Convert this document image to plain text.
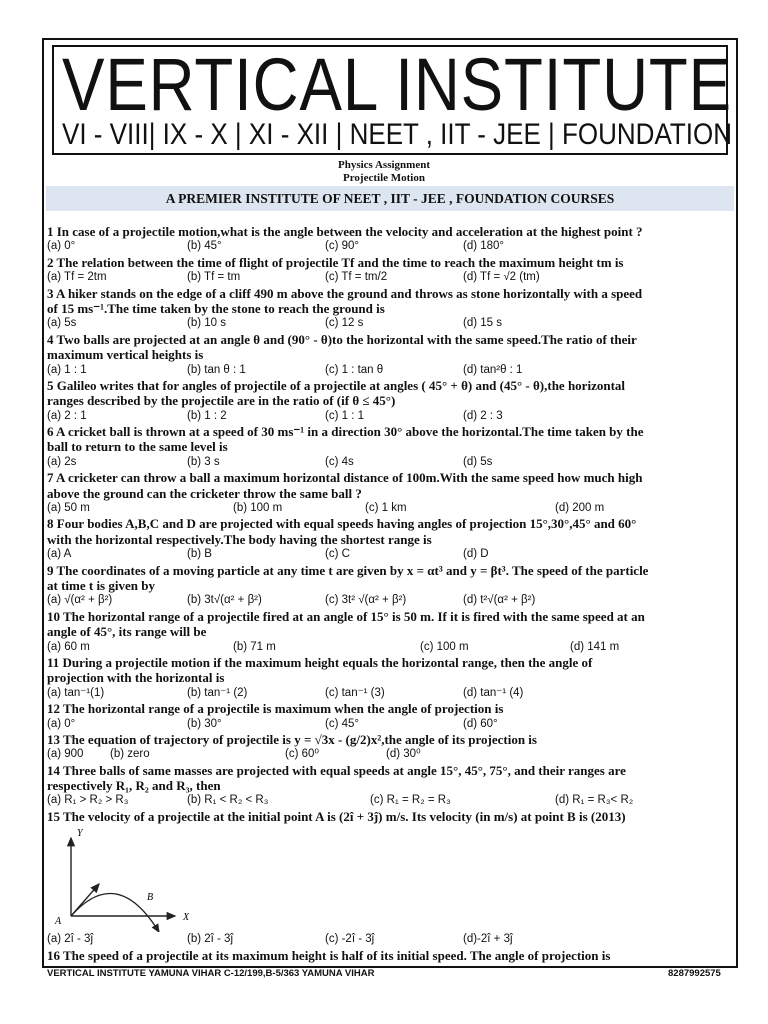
VERTICAL INSTITUTE
VI - VIII| IX - X | XI - XII | NEET , IIT - JEE | FOUNDATION
Physics Assignment
Projectile Motion
A PREMIER INSTITUTE OF NEET , IIT - JEE , FOUNDATION COURSES
1 In case of a projectile motion,what is the angle between the velocity and acceleration at the highest point ?
(a) 0°	(b) 45°	(c) 90°	(d) 180°
2 The relation between the time of flight of projectile Tf and the time to reach the maximum height tm is
(a) Tf = 2tm	(b) Tf = tm	(c) Tf = tm/2	(d) Tf = √2 (tm)
3 A hiker stands on the edge of a cliff 490 m above the ground and throws as stone horizontally with a speed
of 15 ms⁻¹.The time taken by the stone to reach the ground is
(a) 5s	(b) 10 s	(c) 12 s	(d) 15 s
4 Two balls are projected at an angle θ and (90° - θ)to the horizontal with the same speed.The ratio of their
maximum vertical heights is
(a) 1 : 1	(b) tan θ : 1	(c) 1 : tan θ	(d) tan²θ : 1
5 Galileo writes that for angles of projectile of a projectile at angles ( 45° + θ) and (45° - θ),the horizontal
ranges described by the projectile are in the ratio of (if θ ≤ 45°)
(a) 2 : 1	(b) 1 : 2	(c) 1 : 1	(d) 2 : 3
6 A cricket ball is thrown at a speed of 30 ms⁻¹ in a direction 30° above the horizontal.The time taken by the
ball to return to the same level is
(a) 2s	(b) 3 s	(c) 4s	(d) 5s
7 A cricketer can throw a ball a maximum horizontal distance of 100m.With the same speed how much high
above the ground can the cricketer throw the same ball ?
(a) 50 m	(b) 100 m	(c) 1 km	(d) 200 m
8 Four bodies A,B,C and D are projected with equal speeds having angles of projection 15°,30°,45° and 60°
with the horizontal respectively.The body having the shortest range is
(a) A	(b) B	(c) C	(d) D
9 The coordinates of a moving particle at any time t are given by x = αt³ and y = βt³. The speed of the particle
at time t is given by
(a) √(α² + β²)	(b) 3t√(α² + β²)	(c) 3t² √(α² + β²)	(d) t²√(α² + β²)
10 The horizontal range of a projectile fired at an angle of 15° is 50 m. If it is fired with the same speed at an
angle of 45°, its range will be
(a) 60 m	(b) 71 m	(c) 100 m	(d) 141 m
11 During a projectile motion if the maximum height equals the horizontal range, then the angle of
projection with the horizontal is
(a) tan⁻¹(1)	(b) tan⁻¹ (2)	(c) tan⁻¹ (3)	(d) tan⁻¹ (4)
12 The horizontal range of a projectile is maximum when the angle of projection is
(a) 0°	(b) 30°	(c) 45°	(d) 60°
13 The equation of trajectory of projectile is y = √3x - (g/2)x²,the angle of its projection is
(a) 900 (b) zero	(c) 60⁰	(d) 30⁰
14 Three balls of same masses are projected with equal speeds at angle 15°, 45°, 75°, and their ranges are
respectively R₁, R₂ and R₃, then
(a) R₁ > R₂ > R₃	(b) R₁ < R₂ < R₃	(c) R₁ = R₂ = R₃	(d) R₁ = R₃< R₂
15 The velocity of a projectile at the initial point A is (2î + 3ĵ) m/s. Its velocity (in m/s) at point B is (2013)
Y
X
A
B
(a) 2î - 3ĵ	(b) 2î - 3ĵ	(c) -2î - 3ĵ	(d)-2î + 3ĵ
16 The speed of a projectile at its maximum height is half of its initial speed. The angle of projection is
VERTICAL INSTITUTE YAMUNA VIHAR C-12/199,B-5/363 YAMUNA VIHAR	8287992575
